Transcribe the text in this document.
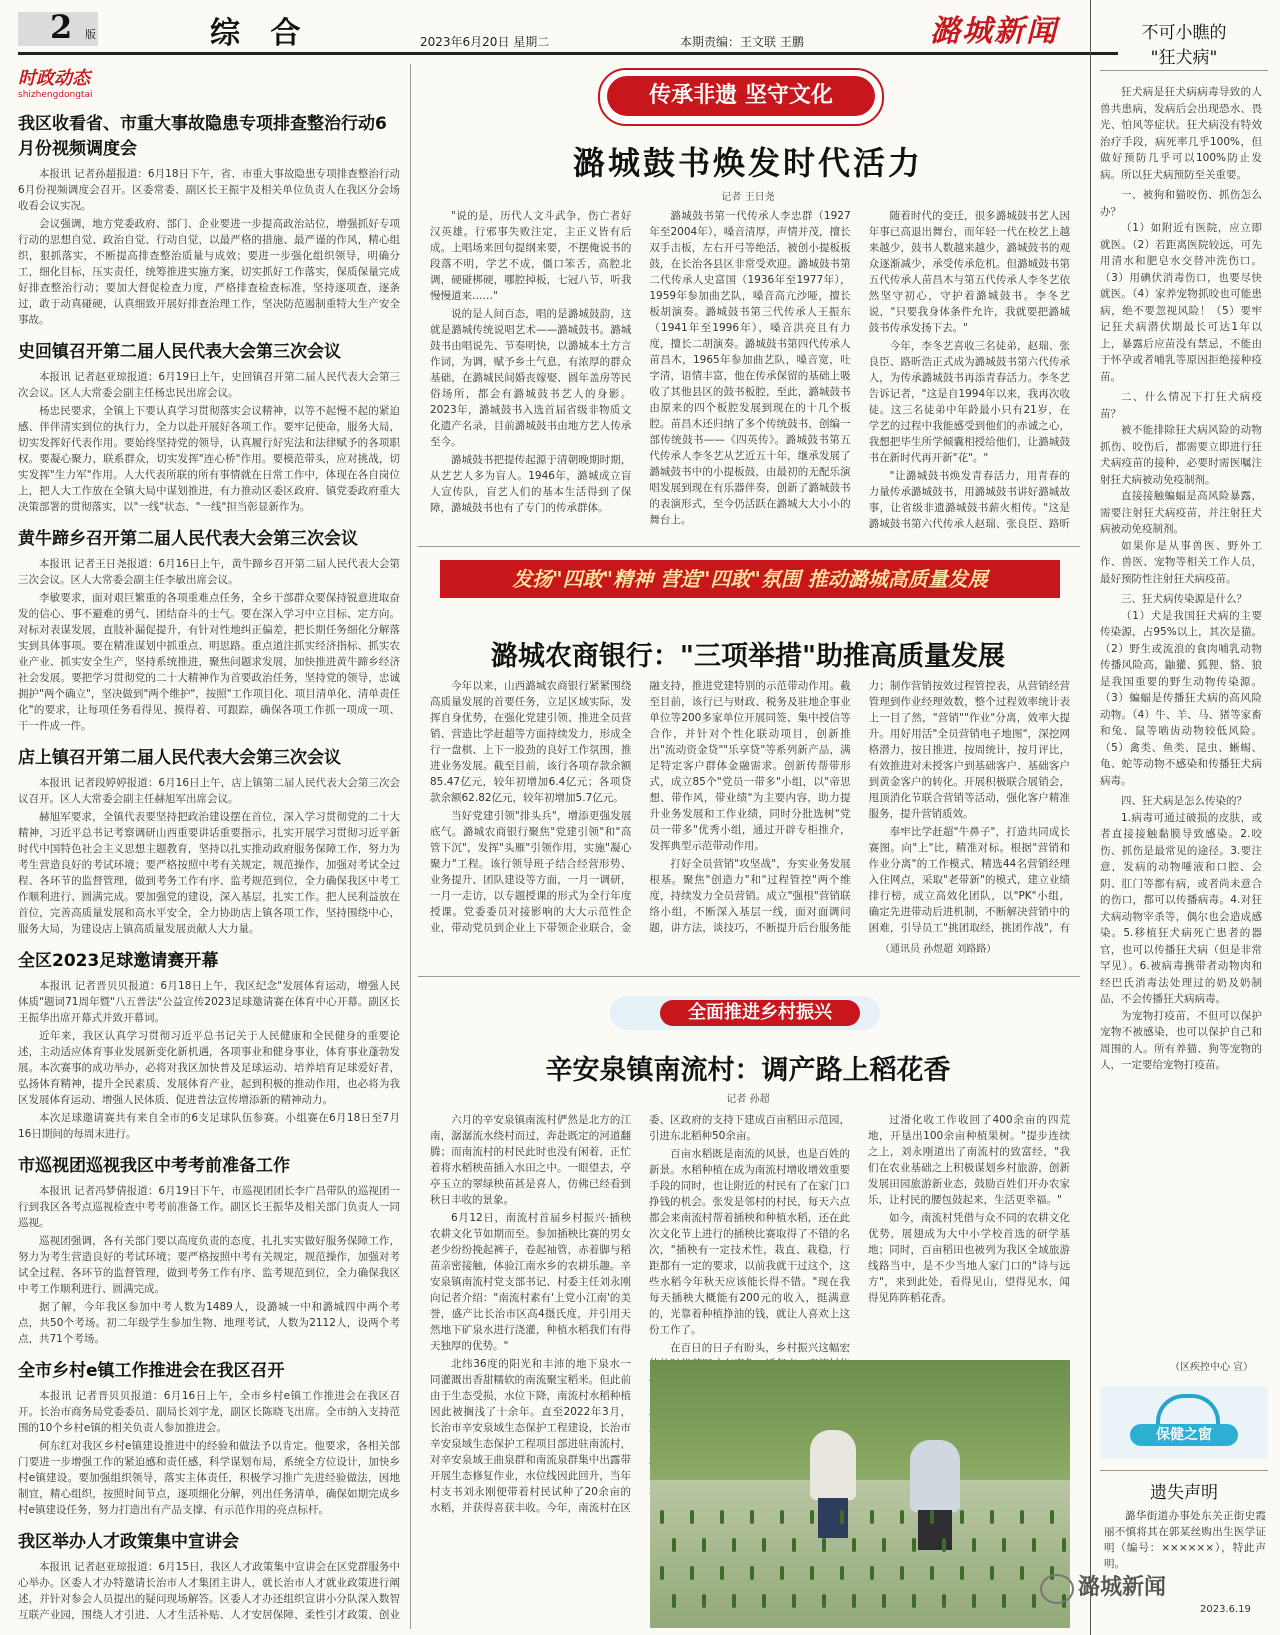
2 版	综 合	2023年6月20日 星期二	本期责编：王文联 王鹏	潞城新闻
时政动态
shizhengdongtai
我区收看省、市重大事故隐患专项排查整治行动6月份视频调度会

本报讯 记者孙超报道：6月18日下午，省、市重大事故隐患专项排查整治行动6月份视频调度会召开。区委常委、副区长王振宇及相关单位负责人在我区分会场收看会议实况。

会议强调，地方党委政府、部门、企业要进一步提高政治站位，增强抓好专项行动的思想自觉、政治自觉、行动自觉，以最严格的措施、最严谨的作风，精心组织，狠抓落实，不断提高排查整治质量与成效；要进一步强化组织领导，明确分工，细化目标，压实责任，统筹推进实施方案，切实抓好工作落实，保质保量完成好排查整治行动；要加大督促检查力度，严格排查检查标准，坚持逐项查，逐条过，敢于动真碰硬，认真细致开展好排查治理工作，坚决防范遏制重特大生产安全事故。

史回镇召开第二届人民代表大会第三次会议

本报讯 记者赵亚琼报道：6月19日上午，史回镇召开第二届人民代表大会第三次会议。区人大常委会副主任杨忠民出席会议。

杨忠民要求，全镇上下要认真学习贯彻落实会议精神，以等不起慢不起的紧迫感、伴伴清实到位的执行力，全力以赴开展好各项工作。要牢记使命，服务大局，切实发挥好代表作用。要始终坚持党的领导，认真履行好宪法和法律赋予的各项职权。要凝心聚力，联系群众，切实发挥"连心桥"作用。要模范带头，应对挑战，切实发挥"生力军"作用。人大代表所联的所有事情就在日常工作中，体现在各自岗位上，把人大工作放在全镇大局中谋划推进，有力推动区委区政府、镇党委政府重大决策部署的贯彻落实，以"一线"状态、"一线"担当彰显新作为。

黄牛蹄乡召开第二届人民代表大会第三次会议

本报讯 记者王日尧报道：6月16日上午，黄牛蹄乡召开第二届人民代表大会第三次会议。区人大常委会副主任李敏出席会议。

李敏要求，面对艰巨繁重的各项重难点任务，全乡干部群众要保持锐意进取奋发的信心、事不避难的勇气、团结奋斗的士气。要在深入学习中立目标、定方向。对标对表谋发展，直肢补漏促提升，有针对性地纠正偏差，把长期任务细化分解落实到具体事项。要在精准谋划中抓重点、明思路。重点道注抓实经济指标、抓实农业产业、抓实安全生产，坚持系统推进，聚焦问题求发展，加快推进黄牛蹄乡经济社会发展。要把学习贯彻党的二十大精神作为首要政治任务，坚持党的领导，忠诚拥护"两个确立"，坚决做到"两个维护"，按照"工作项目化、项目清单化、清单责任化"的要求，让每项任务看得见、摸得着、可跟踪，确保各项工作抓一项成一项、干一件成一件。

店上镇召开第二届人民代表大会第三次会议

本报讯 记者段婷婷报道：6月16日上午，店上镇第二届人民代表大会第三次会议召开。区人大常委会副主任赫旭军出席会议。

赫旭军要求，全镇代表要坚持把政治建设摆在首位，深入学习贯彻党的二十大精神，习近平总书记考察调研山西重要讲话重要指示，扎实开展学习贯彻习近平新时代中国特色社会主义思想主题教育，坚持以扎实推动政府服务保障工作，努力为考生营造良好的考试环境；要严格按照中考有关规定，规范操作，加强对考试全过程、各环节的监督管理，做到考务工作有序、监考规范到位，全力确保我区中考工作顺利进行、圆满完成。要加强党的建设，深入基层，扎实工作。把人民利益放在首位，完善高质量发展和高水平安全，全力协助店上镇各项工作，坚持围绕中心，服务大局，为建设店上镇高质量发展贡献人大力量。

全区2023足球邀请赛开幕

本报讯 记者晋贝贝报道：6月18日上午，我区纪念"发展体育运动，增强人民体质"题词71周年暨"八五普法"公益宣传2023足球邀请赛在体育中心开幕。副区长王振华出席开幕式并致开幕词。

近年来，我区认真学习贯彻习近平总书记关于人民健康和全民健身的重要论述，主动适应体育事业发展新变化新机遇，各项事业和健身事业，体育事业蓬勃发展。本次赛事的成功举办，必将对我区加快普及足球运动、培养培育足球爱好者，弘扬体育精神，提升全民素质、发展体育产业，起到积极的推动作用，也必将为我区发展体育运动、增强人民体质、促进普法宣传增添新的精神动力。

本次足球邀请赛共有来自全市的6支足球队伍参赛。小组赛在6月18日至7月16日期间的每周末进行。

市巡视团巡视我区中考考前准备工作

本报讯 记者冯梦倩报道：6月19日下午，市巡视团团长李广昌带队的巡视团一行到我区各考点巡视检查中考考前准备工作。副区长王振华及相关部门负责人一同巡视。

巡视团强调，各有关部门要以高度负责的态度，扎扎实实做好服务保障工作，努力为考生营造良好的考试环境；要严格按照中考有关规定，规范操作，加强对考试全过程、各环节的监督管理，做到考务工作有序、监考规范到位，全力确保我区中考工作顺利进行、圆满完成。

据了解，今年我区参加中考人数为1489人，设潞城一中和潞城四中两个考点，共50个考场。初二年级学生参加生物、地理考试，人数为2112人，设两个考点，共71个考场。

全市乡村e镇工作推进会在我区召开

本报讯 记者晋贝贝报道：6月16日上午，全市乡村e镇工作推进会在我区召开。长治市商务局党委委员、副局长刘宇龙，副区长陈晓飞出席。全市纳入支持范围的10个乡村e镇的相关负责人参加推进会。

何东红对我区乡村e镇建设推进中的经验和做法予以肯定。他要求，各相关部门要进一步增强工作的紧迫感和责任感，科学谋划布局，系统全方位设计，加快乡村e镇建设。要加强组织领导，落实主体责任，积极学习推广先进经验做法，因地制宜，精心组织，按照时间节点，逐项细化分解，列出任务清单，确保如期完成乡村e镇建设任务，努力打造出有产品支撑、有示范作用的亮点标杆。

我区举办人才政策集中宣讲会

本报讯 记者赵亚琼报道：6月15日，我区人才政策集中宣讲会在区党群服务中心举办。区委人才办特邀请长治市人才集团主讲人，就长治市人才就业政策进行阐述，并针对参会人员提出的疑问现场解答。区委人才办还组织宣讲小分队深入数智互联产业园，围绕人才引进、人才生活补贴、人才安居保障、柔性引才政策、创业

传承非遗 坚守文化
潞城鼓书焕发时代活力
记者 王日尧

"说的是，历代人文斗武争，伤亡者好汉英雄。行邪事失败注定，主正义皆有后成。上唱场来回句提纲来要，不摆俺说书的段落不明，学艺不成，僵口笨舌，高腔北调，硬碰梆硬，哪腔掉板，七冠八节，听我慢慢道来……"

说的是人间百态，唱的是潞城鼓韵，这就是潞城传统说唱艺术——潞城鼓书。潞城鼓书由唱说先、节奏明快，以潞城本土方言作词，为调，赋予乡土气息，有浓厚的群众基础，在潞城民间婚丧嫁娶、圆年盖房等民俗场所，都会有潞城鼓书艺人的身影。2023年，潞城鼓书入选首届省级非物质文化遗产名录，目前潞城鼓书由地方艺人传承至今。

潞城鼓书把提传起源于清朝晚期时期，从艺艺人多为盲人。1946年，潞城成立盲人宣传队，盲艺人们的基本生活得到了保障，潞城鼓书也有了专门的传承群体。

潞城鼓书第一代传承人李忠群（1927年至2004年），嗓音清厚，声情并茂，擅长双手击板，左右开弓等绝活，被创小提板板鼓，在长治各县区非常受欢迎。潞城鼓书第二代传承人史富国（1936年至1977年），1959年参加曲艺队，嗓音高亢沙哑，擅长板胡演奏。潞城鼓书第三代传承人王振东（1941年至1996年），嗓音洪亮且有力度，擅长二胡演奏。潞城鼓书第四代传承人苗昌木，1965年参加曲艺队，嗓音宽，吐字清，语情丰富，他在传承保留的基础上吸收了其他县区的鼓书板腔，至此，潞城鼓书由原来的四个板腔发展到现在的十几个板腔。苗昌木还归纳了多个传统鼓书，创编一部传统鼓书——《四英传》。潞城鼓书第五代传承人李冬艺从艺近五十年，继承发展了潞城鼓书中的小提板鼓，由最初的无配乐演唱发展到现在有乐器伴奏，创新了潞城鼓书的表演形式，至今仍活跃在潞城大大小小的舞台上。

随着时代的变迁，很多潞城鼓书艺人因年事已高退出舞台，而年轻一代在校艺上越来越少，鼓书人数越来越少，潞城鼓书的观众逐渐减少，承受传承危机。但潞城鼓书第五代传承人苗昌木与第五代传承人李冬艺依然坚守初心，守护着潞城鼓书。李冬艺说，"只要我身体条件允许，我就要把潞城鼓书传承发扬下去。"

今年，李冬艺喜收三名徒弟，赵瑞、张良臣、路昕浩正式成为潞城鼓书第六代传承人，为传承潞城鼓书再添青春活力。李冬艺告诉记者，"这是自1994年以来，我再次收徒。这三名徒弟中年龄最小只有21岁，在学艺的过程中我能感受到他们的赤诚之心，我想把毕生所学倾囊相授给他们，让潞城鼓书在新时代再开新"花"。"

"让潞城鼓书焕发青春活力，用青春的力量传承潞城鼓书，用潞城鼓书讲好潞城故事，让省级非遗潞城鼓书薪火相传。"这是潞城鼓书第六代传承人赵瑞、张良臣、路昕

发扬"四敢"精神 营造"四敢"氛围 推动潞城高质量发展
潞城农商银行："三项举措"助推高质量发展

今年以来，山西潞城农商银行紧紧围绕高质量发展的首要任务，立足区域实际，发挥自身优势，在强化党建引领、推进全员营销、营造比学赶超等方面持续发力，形成全行一盘棋、上下一股劲的良好工作氛围，推进业务发展。截至目前，该行各项存款余额85.47亿元，较年初增加6.4亿元；各项贷款余额62.82亿元，较年初增加5.7亿元。

当好党建引领"排头兵"，增添更强发展底气。潞城农商银行聚焦"党建引领"和"高管下沉"，发挥"头雁"引领作用，实施"凝心聚力"工程。该行领导班子结合经营形势、业务提升、团队建设等方面，一月一调研，一月一走访，以专题授课的形式为全行年度授课。党委委员对接影响的大大示范性企业，带动党员到企业上下带领企业联合，金融支持，推进党建特别的示范带动作用。截至目前，该行已与财政、税务及驻地企事业单位等200多家单位开展同签、集中授信等合作，并针对个性化联动项目，创新推出"流动资金贷""乐享贷"等系列新产品，满足特定客户群体金融需求。创新传帮带形式，成立85个"党员一带多"小组，以"帝思想、带作风，带业绩"为主要内容，助力提升业务发展和工作业绩，同时分批选树"党员一带多"优秀小组，通过开辟专柜推介，发挥典型示范带动作用。

打好全员营销"攻坚战"，夯实业务发展根基。聚焦"创造力"和"过程管控"两个维度，持续发力全员营销。成立"强根"营销联络小组，不断深入基层一线，面对面调问题，讲方法，谈技巧，不断提升后台服务能力；制作营销按效过程管控表，从营销经营管理到作业经理效数，整个过程效率统计表上一目了然，"营销""作业"分离，效率大提升。用好用活"全员营销电子地图"，深挖网格潜力，按日推进，按周统计，按月评比，有效推进对未授客户到基础客户、基础客户到黄金客户的转化。开展积极联合展销会，甩顶消化节联合营销等活动，强化客户精准服务，提升营销质效。

奉牢比学赶超"牛鼻子"，打造共同成长赛图。向"上"比，精准对标。根据"营销和作业分离"的工作模式，精选44名营销经理入住网点，采取"老带新"的模式，建立业绩排行榜，成立高效化团队，以"PK"小组，确定先进带动后进机制，不断解决营销中的困难，引导员工"挑团取经，挑团作战"，有

（通讯员 孙煜超 刘路路）
全面推进乡村振兴
辛安泉镇南流村：调产路上稻花香
记者 孙超

六月的辛安泉镇南流村俨然是北方的江南，潺潺流水绕村而过，奔赴既定的河道翻腾；而南流村的村民此时也没有闲着，正忙着将水稻秧苗插入水田之中。一眼望去，亭亭玉立的翠绿秧苗甚是喜人，仿佛已经看到秋日丰收的景象。

6月12日，南流村首届乡村振兴·插秧农耕文化节如期而至。参加插秧比赛的男女老少纷纷挽起裤子，卷起袖管，赤着脚与稻苗亲密接触，体验江南水乡的农耕乐趣。辛安泉镇南流村党支部书记、村委主任刘永刚向记者介绍："南流村素有'上党小江南'的美誉，盛产比长治市区高4摄氏度，并引用天然地下矿泉水进行浇灌，种植水稻我们有得天独厚的优势。"

北纬36度的阳光和丰沛的地下泉水一同灌溉出香甜糯软的南流聚宝稻米。但此前由于生态受损，水位下降，南流村水稻种植因此被搁浅了十余年。直至2022年3月，长治市辛安泉域生态保护工程建设，长治市辛安泉域生态保护工程项目部进驻南流村，对辛安泉域王曲泉群和南流泉群集中出露带开展生态修复作业，水位线因此回升，当年村支书刘永刚便带着村民试种了20余亩的水稻，并获得喜获丰收。今年，南流村在区委、区政府的支持下建成百亩稻田示范园，引进东北稻种50余亩。

百亩水稻既是南流的风景，也是百姓的新景。水稻种植在成为南流村增收增效重要手段的同时，也让附近的村民有了在家门口挣钱的机会。张发是邻村的村民，每天六点都会来南流村帮着插秧和种植水稻，还在此次文化节上进行的插秧比赛取得了不错的名次，"插秧有一定技术性，栽直、栽稳，行距都有一定的要求，以前我就干过这个，这些水稻今年秋天应该能长得不错。"现在我每天插秧大概能有200元的收入，挺满意的，光靠着种植挣油的钱，就让人喜欢上这份工作了。

在百日的日子有盼头，乡村振兴这幅宏

过滑化收工作收回了400余亩的四荒地，开垦出100余亩种植果树。"提步连续之上，刘永刚道出了南流村的致富经，"我们在农业基础之上积极谋划乡村旅游，创新发展田园旅游新业态，鼓励百姓们开办农家乐，让村民的腰包鼓起来，生活更幸福。"

如今，南流村凭借与众不同的农耕文化优势，展翅成为大中小学校首选的研学基地；同时，百亩稻田也被列为我区全域旅游线路当中，是不少当地人家门口的"诗与远方"，来到此处，看得见山，望得见水，闻得见阵阵稻花香。

不可小瞧的
"狂犬病"

狂犬病是狂犬病病毒导致的人兽共患病，发病后会出现恐水、畏光、怕风等症状。狂犬病没有特效治疗手段，病死率几乎100%，但做好预防几乎可以100%防止发病。所以狂犬病预防至关重要。

一、被狗和猫咬伤、抓伤怎么办？

（1）如附近有医院，应立即就医。（2）若距离医院较远，可先用清水和肥皂水交替冲洗伤口。（3）用碘伏消毒伤口，也要尽快就医。（4）家养宠物抓咬也可能患病，绝不要忽视风险！（5）要牢记狂犬病潜伏期最长可达1年以上，暴露后应苗没有禁忌，不能由于怀孕或者哺乳等原因拒绝接种疫苗。

二、什么情况下打狂犬病疫苗？

被不能排除狂犬病风险的动物抓伤、咬伤后，都需要立即进行狂犬病疫苗的接种，必要时需医嘱注射狂犬病被动免疫制剂。

直接接触蝙蝠是高风险暴露，需要注射狂犬病疫苗，并注射狂犬病被动免疫制剂。

如果你是从事兽医、野外工作、兽医、宠物等相关工作人员，最好预防性注射狂犬病疫苗。

三、狂犬病传染源是什么？

（1）犬是我国狂犬病的主要传染源，占95%以上，其次是猫。（2）野生或流浪的食肉哺乳动物传播风险高，鼬獾、狐狸、貉、狼是我国重要的野生动物传染源。（3）蝙蝠是传播狂犬病的高风险动物。（4）牛、羊、马、猪等家畜和兔、鼠等啮齿动物较低风险。（5）禽类、鱼类、昆虫、蜥蜴、龟、蛇等动物不感染和传播狂犬病病毒。

四、狂犬病是怎么传染的？

1.病毒可通过破损的皮肤，或者直接接触黏膜导致感染。2.咬伤、抓伤是最常见的途径。3.要注意，发病的动物唾液和口腔、会阴、肛门等都有病，或者尚未意合的伤口，都可以传播病毒。4.对狂犬病动物宰杀等，偶尔也会造成感染。5.移植狂犬病死亡患者的器官，也可以传播狂犬病（但是非常罕见）。6.被病毒携带者动物肉和经巴氏消毒法处理过的奶及奶制品，不会传播狂犬病病毒。

为宠物打疫苗，不但可以保护宠物不被感染，也可以保护自己和周围的人。所有养猫、狗等宠物的人，一定要给宠物打疫苗。

（区疾控中心 宣）
保健之窗
遗失声明
潞华街道办事处东关正街史霞丽不慎将其在郭某丝购出生医学证明（编号：××××××），特此声明。
2023.6.19
潞城新闻
